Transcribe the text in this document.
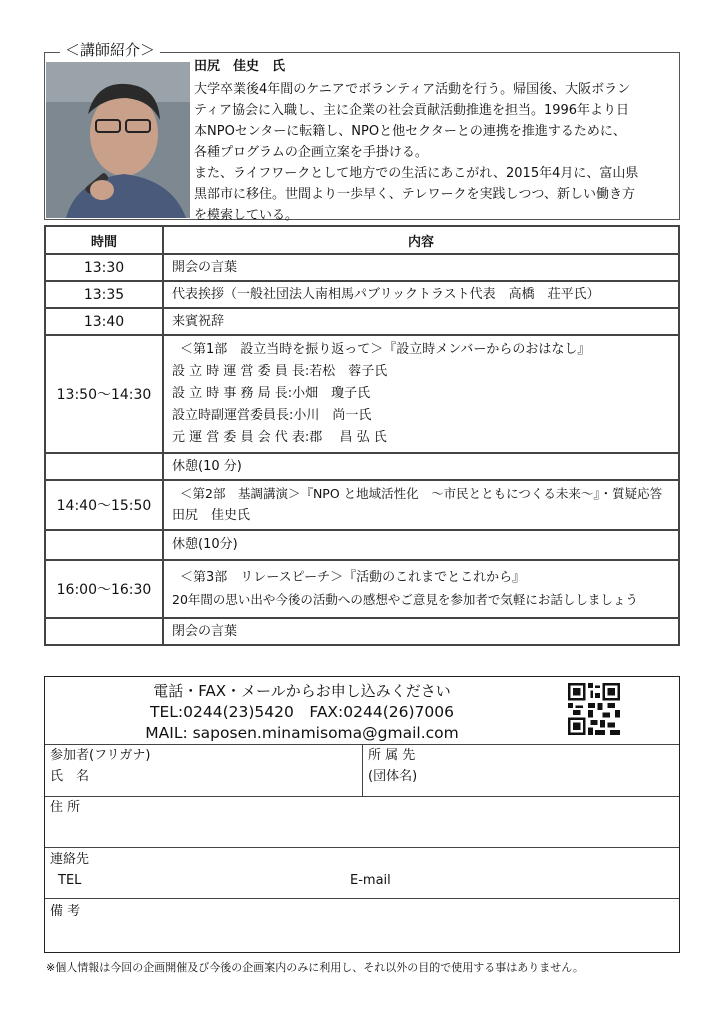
＜講師紹介＞
田尻　佳史　氏
大学卒業後4年間のケニアでボランティア活動を行う。帰国後、大阪ボラン
ティア協会に入職し、主に企業の社会貢献活動推進を担当。1996年より日
本NPOセンターに転籍し、NPOと他セクターとの連携を推進するために、
各種プログラムの企画立案を手掛ける。
また、ライフワークとして地方での生活にあこがれ、2015年4月に、富山県
黒部市に移住。世間より一歩早く、テレワークを実践しつつ、新しい働き方
を模索している。
時間	内容
13:30	開会の言葉

13:35	代表挨拶（一般社団法人南相馬パブリックトラスト代表　高橋　荘平氏）

13:40	来賓祝辞

13:50～14:30	＜第1部　設立当時を振り返って＞『設立時メンバーからのおはなし』
設 立 時 運 営 委 員 長:若松　蓉子氏
設 立 時 事 務 局 長:小畑　瓊子氏
設立時副運営委員長:小川　尚一氏
元 運 営 委 員 会 代 表:郡　 昌 弘 氏

	休憩(10 分)

14:40～15:50	＜第2部　基調講演＞『NPO と地域活性化　～市民とともにつくる未来～』・質疑応答
田尻　佳史氏

	休憩(10分)

16:00～16:30	＜第3部　リレースピーチ＞『活動のこれまでとこれから』
20年間の思い出や今後の活動への感想やご意見を参加者で気軽にお話ししましょう

	閉会の言葉
電話・FAX・メールからお申し込みください
TEL:0244(23)5420　FAX:0244(26)7006
MAIL: saposen.minamisoma@gmail.com
参加者(フリガナ)
氏　名
所 属 先
(団体名)
住 所
連絡先
TEL	E-mail
備 考
※個人情報は今回の企画開催及び今後の企画案内のみに利用し、それ以外の目的で使用する事はありません。
